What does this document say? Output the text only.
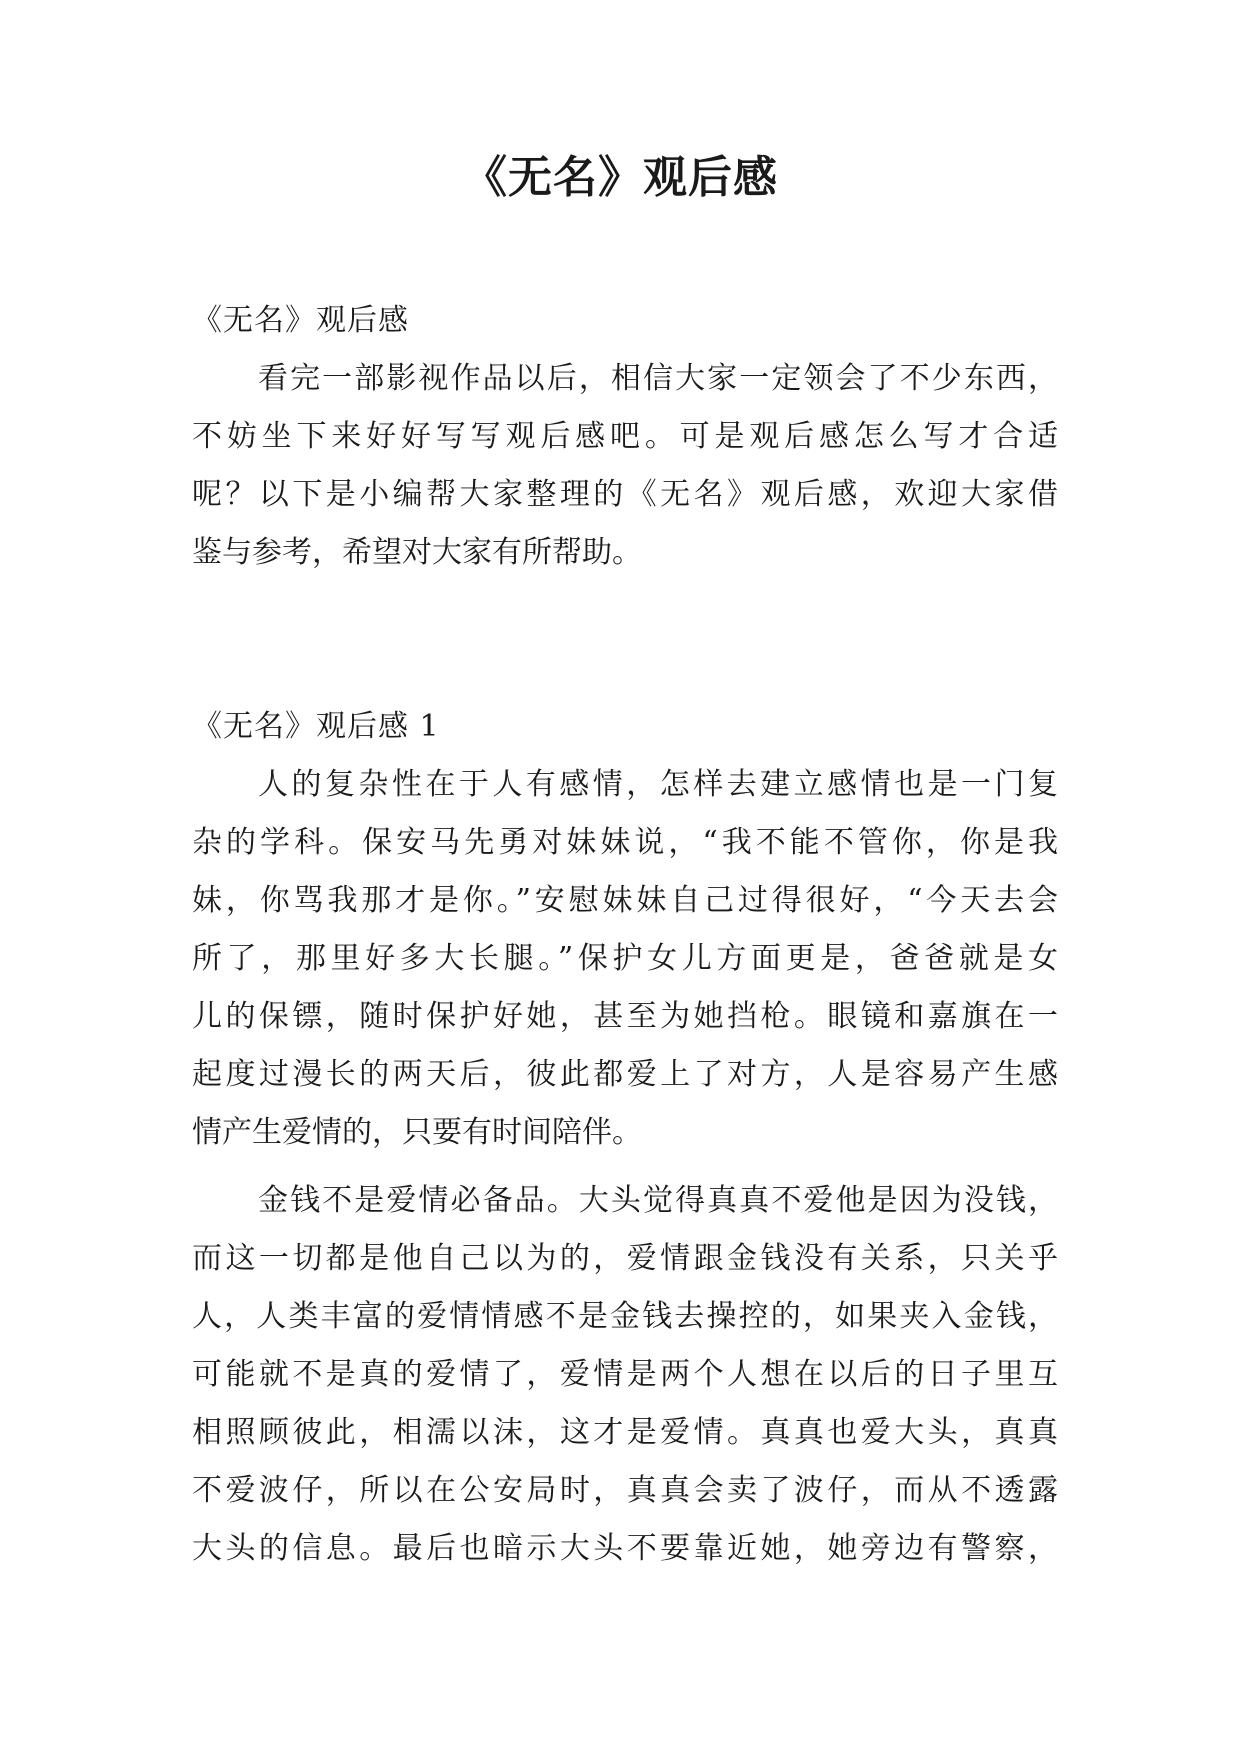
《无名》观后感

《无名》观后感

看完一部影视作品以后，相信大家一定领会了不少东西，

不妨坐下来好好写写观后感吧。可是观后感怎么写才合适

呢？以下是小编帮大家整理的《无名》观后感，欢迎大家借

鉴与参考，希望对大家有所帮助。

《无名》观后感 1

人的复杂性在于人有感情，怎样去建立感情也是一门复

杂的学科。保安马先勇对妹妹说，“我不能不管你，你是我

妹，你骂我那才是你。”安慰妹妹自己过得很好，“今天去会

所了，那里好多大长腿。”保护女儿方面更是，爸爸就是女

儿的保镖，随时保护好她，甚至为她挡枪。眼镜和嘉旗在一

起度过漫长的两天后，彼此都爱上了对方，人是容易产生感

情产生爱情的，只要有时间陪伴。

金钱不是爱情必备品。大头觉得真真不爱他是因为没钱，

而这一切都是他自己以为的，爱情跟金钱没有关系，只关乎

人，人类丰富的爱情情感不是金钱去操控的，如果夹入金钱，

可能就不是真的爱情了，爱情是两个人想在以后的日子里互

相照顾彼此，相濡以沫，这才是爱情。真真也爱大头，真真

不爱波仔，所以在公安局时，真真会卖了波仔，而从不透露

大头的信息。最后也暗示大头不要靠近她，她旁边有警察，
